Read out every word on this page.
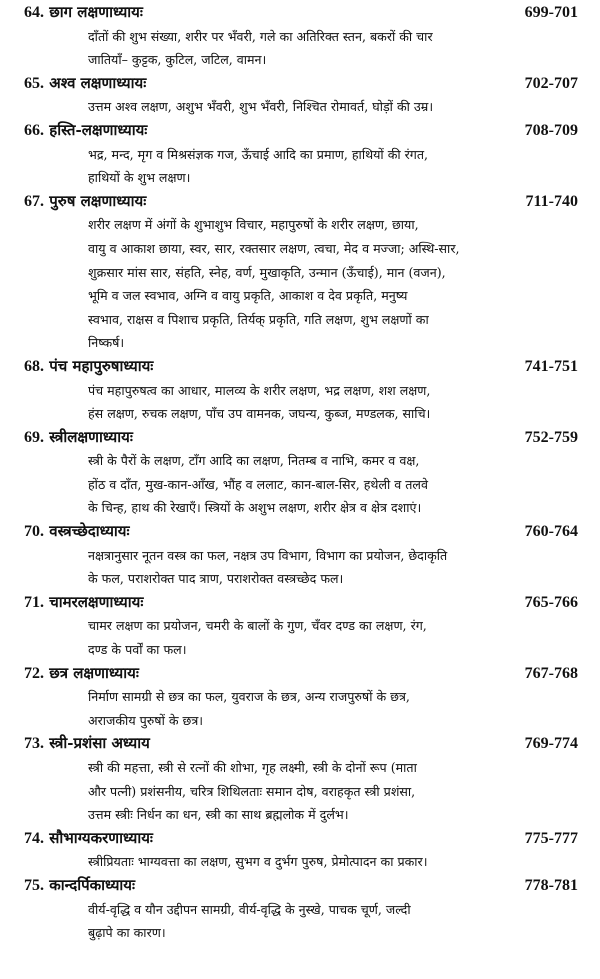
64. छाग लक्षणाध्यायः	699-701
दाँतों की शुभ संख्या, शरीर पर भँवरी, गले का अतिरिक्त स्तन, बकरों की चार
जातियाँ– कुट्टक, कुटिल, जटिल, वामन।
65. अश्व लक्षणाध्यायः	702-707
उत्तम अश्व लक्षण, अशुभ भँवरी, शुभ भँवरी, निश्चित रोमावर्त, घोड़ों की उम्र।
66. हस्ति-लक्षणाध्यायः	708-709
भद्र, मन्द, मृग व मिश्रसंज्ञक गज, ऊँचाई आदि का प्रमाण, हाथियों की रंगत,
हाथियों के शुभ लक्षण।
67. पुरुष लक्षणाध्यायः	711-740
शरीर लक्षण में अंगों के शुभाशुभ विचार, महापुरुषों के शरीर लक्षण, छाया,
वायु व आकाश छाया, स्वर, सार, रक्तसार लक्षण, त्वचा, मेद व मज्जा; अस्थि-सार,
शुक्रसार मांस सार, संहति, स्नेह, वर्ण, मुखाकृति, उन्मान (ऊँचाई), मान (वजन),
भूमि व जल स्वभाव, अग्नि व वायु प्रकृति, आकाश व देव प्रकृति, मनुष्य
स्वभाव, राक्षस व पिशाच प्रकृति, तिर्यक् प्रकृति, गति लक्षण, शुभ लक्षणों का
निष्कर्ष।
68. पंच महापुरुषाध्यायः	741-751
पंच महापुरुषत्व का आधार, मालव्य के शरीर लक्षण, भद्र लक्षण, शश लक्षण,
हंस लक्षण, रुचक लक्षण, पाँच उप वामनक, जघन्य, कुब्ज, मण्डलक, साचि।
69. स्त्रीलक्षणाध्यायः	752-759
स्त्री के पैरों के लक्षण, टाँग आदि का लक्षण, नितम्ब व नाभि, कमर व वक्ष,
होंठ व दाँत, मुख-कान-आँख, भौंह व ललाट, कान-बाल-सिर, हथेली व तलवे
के चिन्ह, हाथ की रेखाएँ। स्त्रियों के अशुभ लक्षण, शरीर क्षेत्र व क्षेत्र दशाएं।
70. वस्त्रच्छेदाध्यायः	760-764
नक्षत्रानुसार नूतन वस्त्र का फल, नक्षत्र उप विभाग, विभाग का प्रयोजन, छेदाकृति
के फल, पराशरोक्त पाद त्राण, पराशरोक्त वस्त्रच्छेद फल।
71. चामरलक्षणाध्यायः	765-766
चामर लक्षण का प्रयोजन, चमरी के बालों के गुण, चँवर दण्ड का लक्षण, रंग,
दण्ड के पर्वों का फल।
72. छत्र लक्षणाध्यायः	767-768
निर्माण सामग्री से छत्र का फल, युवराज के छत्र, अन्य राजपुरुषों के छत्र,
अराजकीय पुरुषों के छत्र।
73. स्त्री-प्रशंसा अध्याय	769-774
स्त्री की महत्ता, स्त्री से रत्नों की शोभा, गृह लक्ष्मी, स्त्री के दोनों रूप (माता
और पत्नी) प्रशंसनीय, चरित्र शिथिलताः समान दोष, वराहकृत स्त्री प्रशंसा,
उत्तम स्त्रीः निर्धन का धन, स्त्री का साथ ब्रह्मलोक में दुर्लभ।
74. सौभाग्यकरणाध्यायः	775-777
स्त्रीप्रियताः भाग्यवत्ता का लक्षण, सुभग व दुर्भग पुरुष, प्रेमोत्पादन का प्रकार।
75. कान्दर्पिकाध्यायः	778-781
वीर्य-वृद्धि व यौन उद्दीपन सामग्री, वीर्य-वृद्धि के नुस्खे, पाचक चूर्ण, जल्दी
बुढ़ापे का कारण।
